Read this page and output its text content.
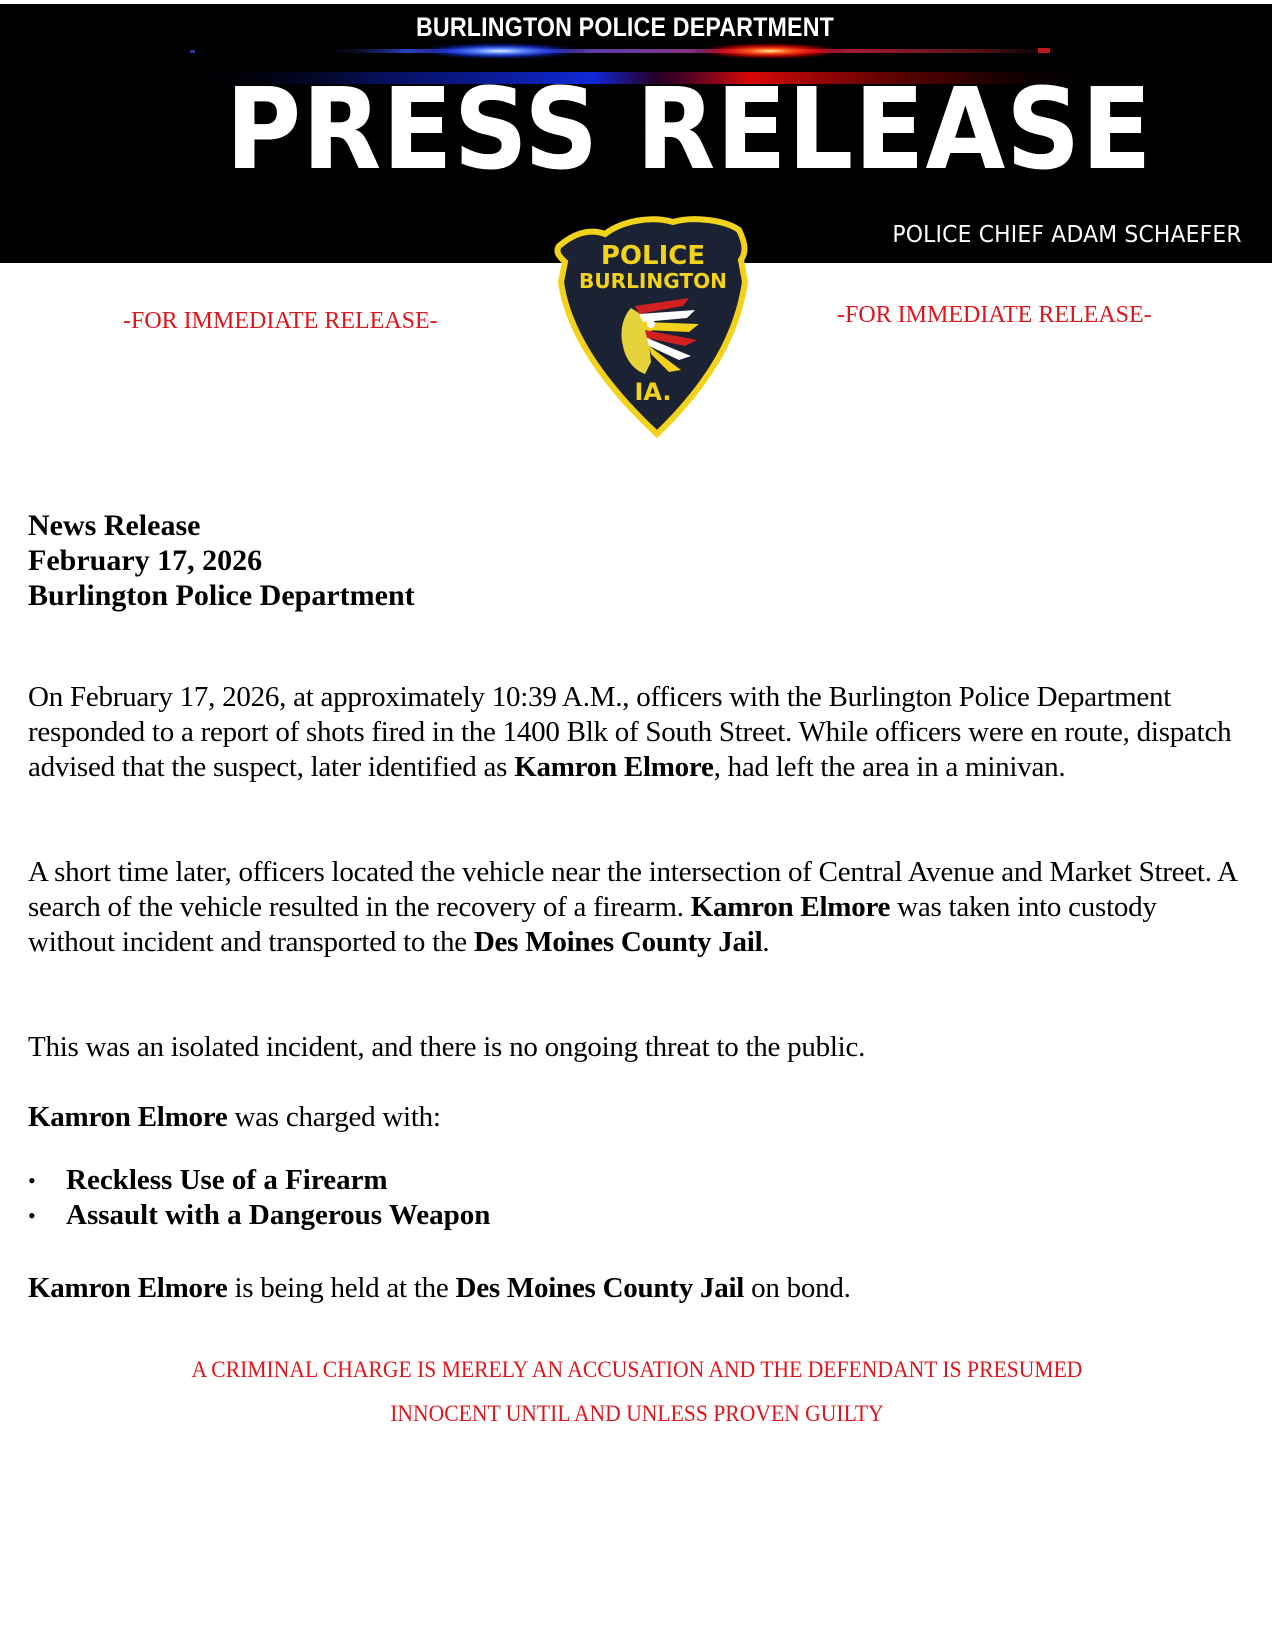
BURLINGTON POLICE DEPARTMENT
PRESS RELEASE
POLICE CHIEF ADAM SCHAEFER
POLICE
BURLINGTON
IA.
-FOR IMMEDIATE RELEASE-	-FOR IMMEDIATE RELEASE-
News Release
February 17, 2026
Burlington Police Department
On February 17, 2026, at approximately 10:39 A.M., officers with the Burlington Police Department responded to a report of shots fired in the 1400 Blk of South Street. While officers were en route, dispatch advised that the suspect, later identified as Kamron Elmore, had left the area in a minivan.
A short time later, officers located the vehicle near the intersection of Central Avenue and Market Street. A search of the vehicle resulted in the recovery of a firearm. Kamron Elmore was taken into custody without incident and transported to the Des Moines County Jail.
This was an isolated incident, and there is no ongoing threat to the public.
Kamron Elmore was charged with:
• Reckless Use of a Firearm
• Assault with a Dangerous Weapon
Kamron Elmore is being held at the Des Moines County Jail on bond.
A CRIMINAL CHARGE IS MERELY AN ACCUSATION AND THE DEFENDANT IS PRESUMED
INNOCENT UNTIL AND UNLESS PROVEN GUILTY
